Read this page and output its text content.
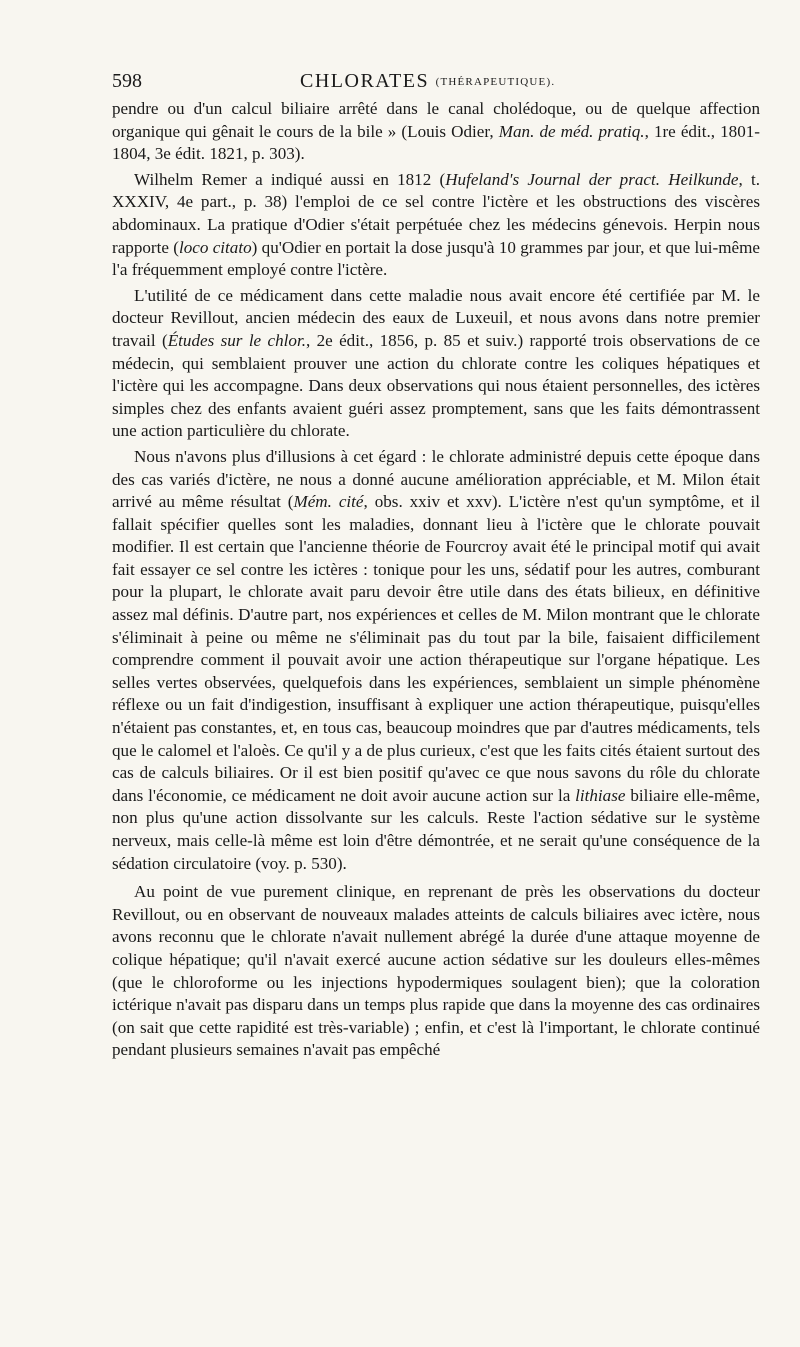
598	CHLORATES (THÉRAPEUTIQUE).

pendre ou d'un calcul biliaire arrêté dans le canal cholédoque, ou de quelque affection organique qui gênait le cours de la bile » (Louis Odier, Man. de méd. pratiq., 1re édit., 1801-1804, 3e édit. 1821, p. 303).

Wilhelm Remer a indiqué aussi en 1812 (Hufeland's Journal der pract. Heilkunde, t. XXXIV, 4e part., p. 38) l'emploi de ce sel contre l'ictère et les obstructions des viscères abdominaux. La pratique d'Odier s'était perpétuée chez les médecins génevois. Herpin nous rapporte (loco citato) qu'Odier en portait la dose jusqu'à 10 grammes par jour, et que lui-même l'a fréquemment employé contre l'ictère.

L'utilité de ce médicament dans cette maladie nous avait encore été certifiée par M. le docteur Revillout, ancien médecin des eaux de Luxeuil, et nous avons dans notre premier travail (Études sur le chlor., 2e édit., 1856, p. 85 et suiv.) rapporté trois observations de ce médecin, qui semblaient prouver une action du chlorate contre les coliques hépatiques et l'ictère qui les accompagne. Dans deux observations qui nous étaient personnelles, des ictères simples chez des enfants avaient guéri assez promptement, sans que les faits démontrassent une action particulière du chlorate.

Nous n'avons plus d'illusions à cet égard : le chlorate administré depuis cette époque dans des cas variés d'ictère, ne nous a donné aucune amélioration appréciable, et M. Milon était arrivé au même résultat (Mém. cité, obs. xxiv et xxv). L'ictère n'est qu'un symptôme, et il fallait spécifier quelles sont les maladies, donnant lieu à l'ictère que le chlorate pouvait modifier. Il est certain que l'ancienne théorie de Fourcroy avait été le principal motif qui avait fait essayer ce sel contre les ictères : tonique pour les uns, sédatif pour les autres, comburant pour la plupart, le chlorate avait paru devoir être utile dans des états bilieux, en définitive assez mal définis. D'autre part, nos expériences et celles de M. Milon montrant que le chlorate s'éliminait à peine ou même ne s'éliminait pas du tout par la bile, faisaient difficilement comprendre comment il pouvait avoir une action thérapeutique sur l'organe hépatique. Les selles vertes observées, quelquefois dans les expériences, semblaient un simple phénomène réflexe ou un fait d'indigestion, insuffisant à expliquer une action thérapeutique, puisqu'elles n'étaient pas constantes, et, en tous cas, beaucoup moindres que par d'autres médicaments, tels que le calomel et l'aloès. Ce qu'il y a de plus curieux, c'est que les faits cités étaient surtout des cas de calculs biliaires. Or il est bien positif qu'avec ce que nous savons du rôle du chlorate dans l'économie, ce médicament ne doit avoir aucune action sur la lithiase biliaire elle-même, non plus qu'une action dissolvante sur les calculs. Reste l'action sédative sur le système nerveux, mais celle-là même est loin d'être démontrée, et ne serait qu'une conséquence de la sédation circulatoire (voy. p. 530).

Au point de vue purement clinique, en reprenant de près les observations du docteur Revillout, ou en observant de nouveaux malades atteints de calculs biliaires avec ictère, nous avons reconnu que le chlorate n'avait nullement abrégé la durée d'une attaque moyenne de colique hépatique; qu'il n'avait exercé aucune action sédative sur les douleurs elles-mêmes (que le chloroforme ou les injections hypodermiques soulagent bien); que la coloration ictérique n'avait pas disparu dans un temps plus rapide que dans la moyenne des cas ordinaires (on sait que cette rapidité est très-variable) ; enfin, et c'est là l'important, le chlorate continué pendant plusieurs semaines n'avait pas empêché
